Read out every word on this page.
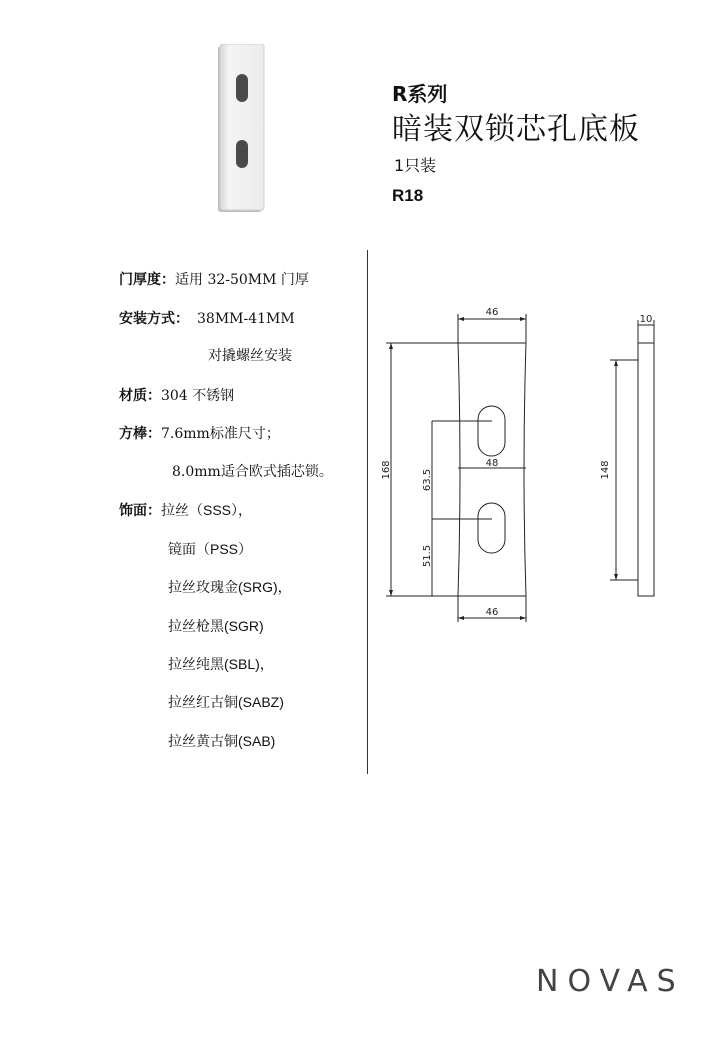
R系列
暗装双锁芯孔底板
1只装
R18
门厚度：适用 32-50MM 门厚
安装方式： 38MM-41MM
对撬螺丝安装
材质：304 不锈钢
方棒：7.6mm标准尺寸；
8.0mm适合欧式插芯锁。
饰面：拉丝（SSS），
镜面（PSS）
拉丝玫瑰金(SRG)，
拉丝枪黑(SGR)
拉丝纯黑(SBL)，
拉丝红古铜(SABZ)
拉丝黄古铜(SAB)
46
46
48
168	63.5
51.5
10
148
NOVAS
